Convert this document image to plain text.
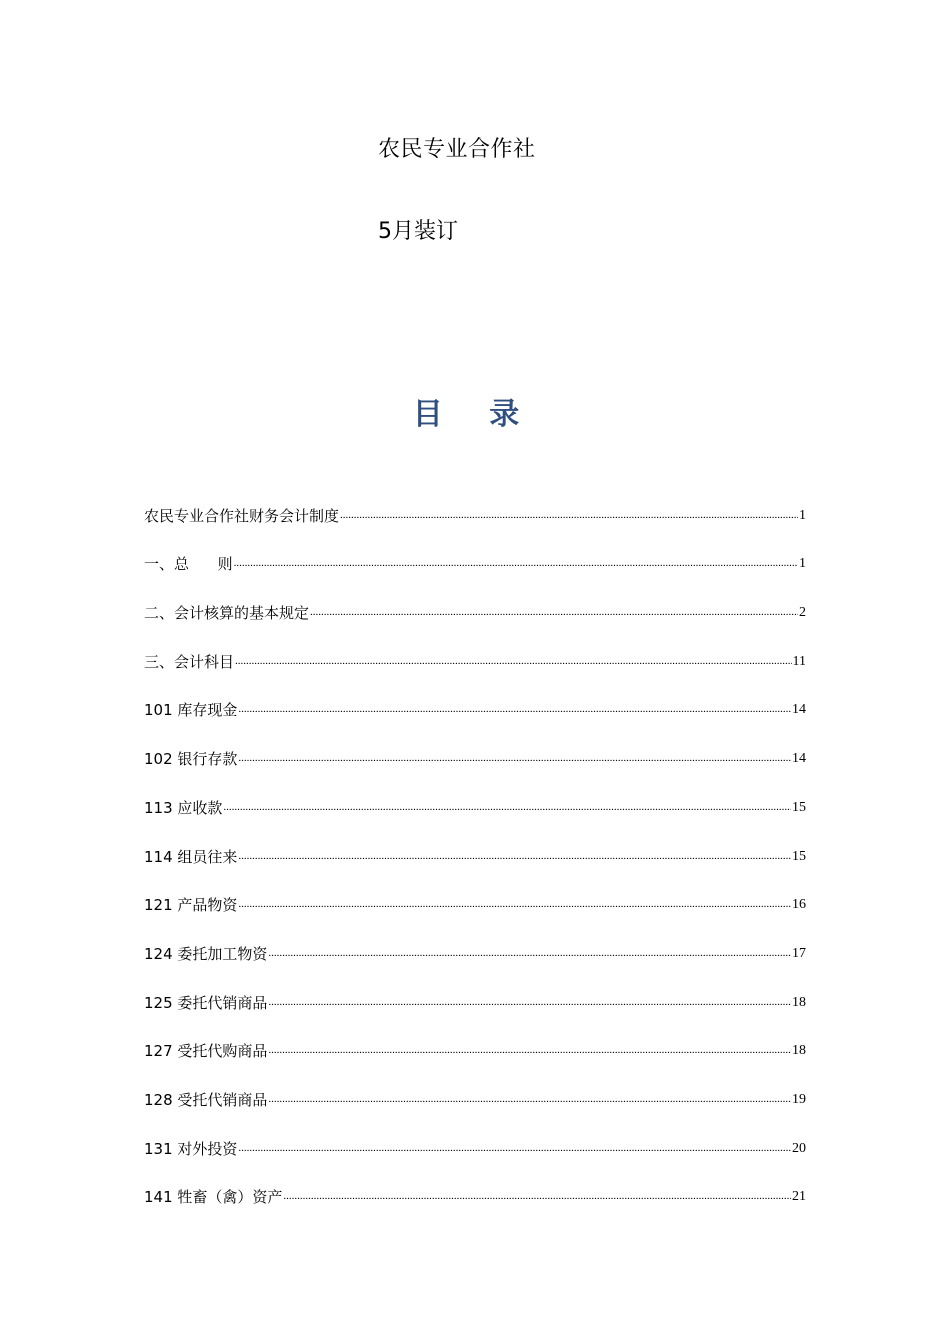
农民专业合作社
5月装订
目 录
农民专业合作社财务会计制度 .....	1
一、总      则 .....	1
二、会计核算的基本规定 .....	2
三、会计科目 .....	11
101 库存现金 .....	14
102 银行存款 .....	14
113 应收款 .....	15
114 组员往来 .....	15
121 产品物资 .....	16
124 委托加工物资 .....	17
125 委托代销商品 .....	18
127 受托代购商品 .....	18
128 受托代销商品 .....	19
131 对外投资 .....	20
141 牲畜（禽）资产 .....	21
